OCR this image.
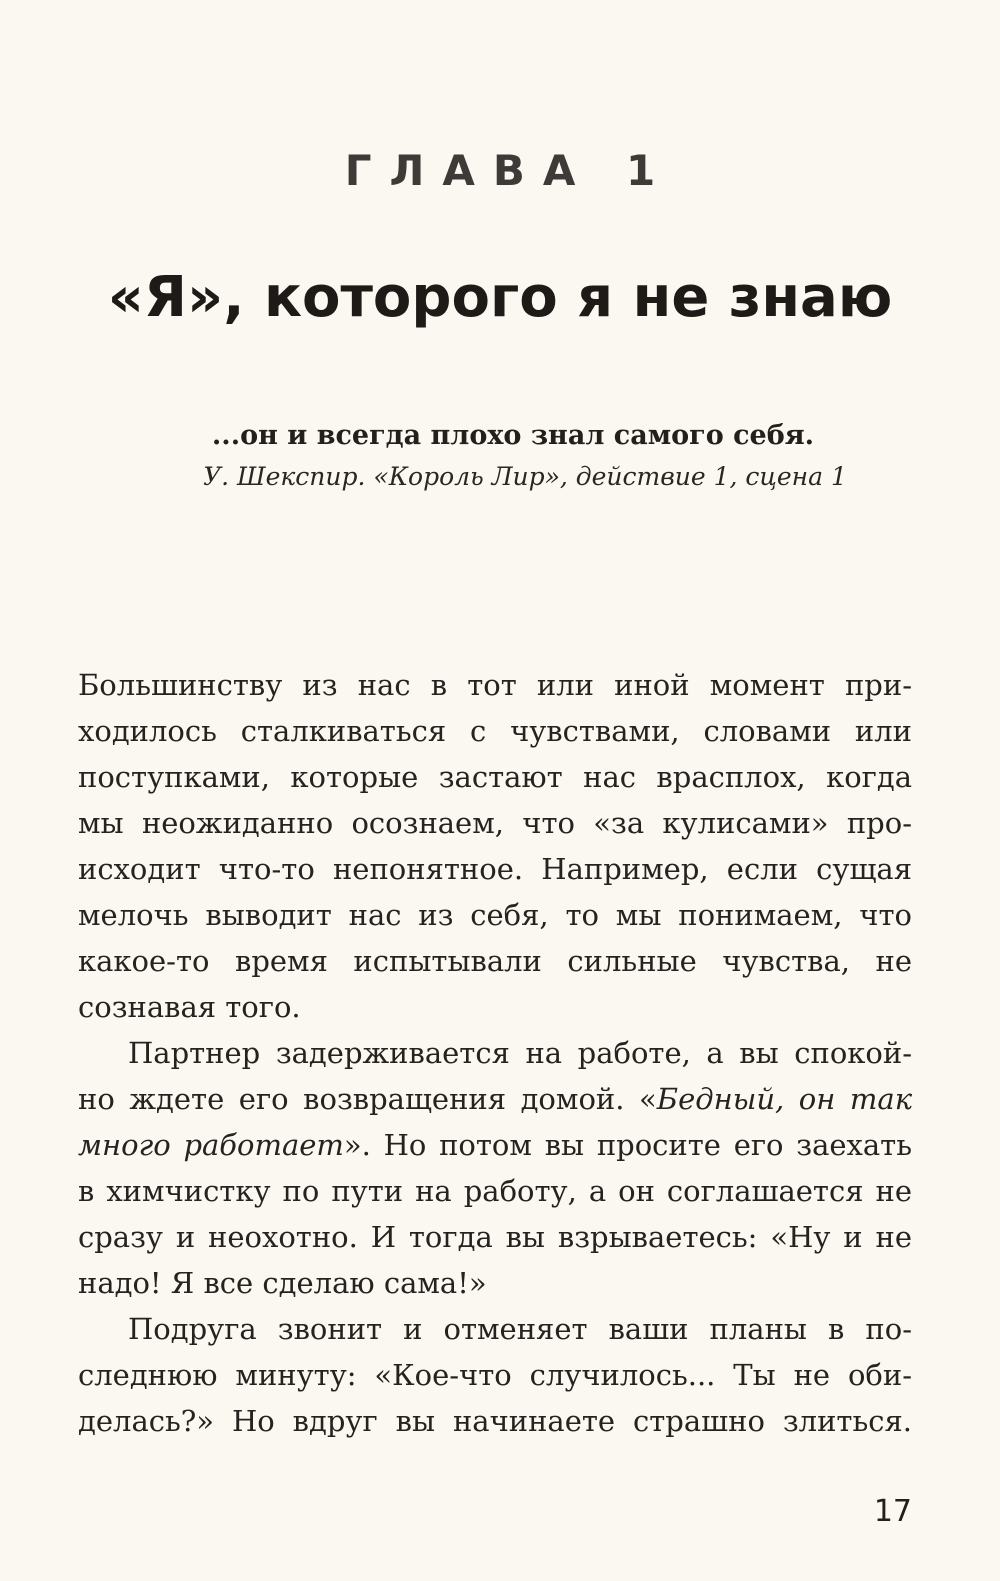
ГЛАВА 1
«Я», которого я не знаю
...он и всегда плохо знал самого себя.
У. Шекспир. «Король Лир», действие 1, сцена 1
Большинству из нас в тот или иной момент при-
ходилось сталкиваться с чувствами, словами или
поступками, которые застают нас врасплох, когда
мы неожиданно осознаем, что «за кулисами» про-
исходит что-то непонятное. Например, если сущая
мелочь выводит нас из себя, то мы понимаем, что
какое-то время испытывали сильные чувства, не
сознавая того.
Партнер задерживается на работе, а вы спокой-
но ждете его возвращения домой. «Бедный, он так
много работает». Но потом вы просите его заехать
в химчистку по пути на работу, а он соглашается не
сразу и неохотно. И тогда вы взрываетесь: «Ну и не
надо! Я все сделаю сама!»
Подруга звонит и отменяет ваши планы в по-
следнюю минуту: «Кое-что случилось... Ты не оби-
делась?» Но вдруг вы начинаете страшно злиться.
17
